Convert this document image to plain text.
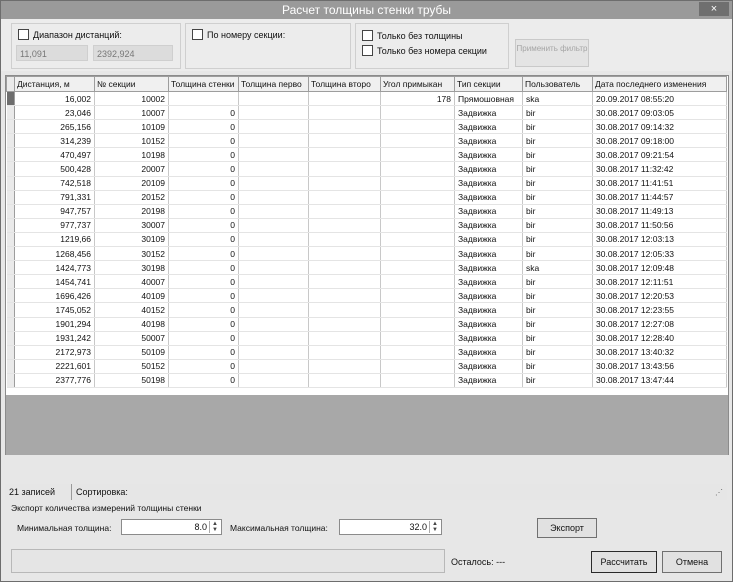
Расчет толщины стенки трубы	×
Диапазон дистанций:
11,091	2392,924
По номеру секции:	Только без толщины
Только без номера секции	Применить фильтр
	Дистанция, м	№ секции	Толщина стенки	Толщина перво	Толщина второ	Угол примыкан	Тип секции	Пользователь	Дата последнего изменения
	16,002	10002				178	Прямошовная	ska	20.09.2017 08:55:20
	23,046	10007	0				Задвижка	bir	30.08.2017 09:03:05
	265,156	10109	0				Задвижка	bir	30.08.2017 09:14:32
	314,239	10152	0				Задвижка	bir	30.08.2017 09:18:00
	470,497	10198	0				Задвижка	bir	30.08.2017 09:21:54
	500,428	20007	0				Задвижка	bir	30.08.2017 11:32:42
	742,518	20109	0				Задвижка	bir	30.08.2017 11:41:51
	791,331	20152	0				Задвижка	bir	30.08.2017 11:44:57
	947,757	20198	0				Задвижка	bir	30.08.2017 11:49:13
	977,737	30007	0				Задвижка	bir	30.08.2017 11:50:56
	1219,66	30109	0				Задвижка	bir	30.08.2017 12:03:13
	1268,456	30152	0				Задвижка	bir	30.08.2017 12:05:33
	1424,773	30198	0				Задвижка	ska	30.08.2017 12:09:48
	1454,741	40007	0				Задвижка	bir	30.08.2017 12:11:51
	1696,426	40109	0				Задвижка	bir	30.08.2017 12:20:53
	1745,052	40152	0				Задвижка	bir	30.08.2017 12:23:55
	1901,294	40198	0				Задвижка	bir	30.08.2017 12:27:08
	1931,242	50007	0				Задвижка	bir	30.08.2017 12:28:40
	2172,973	50109	0				Задвижка	bir	30.08.2017 13:40:32
	2221,601	50152	0				Задвижка	bir	30.08.2017 13:43:56
	2377,776	50198	0				Задвижка	bir	30.08.2017 13:47:44
21 записей Сортировка:	⋰
Экспорт количества измерений толщины стенки
Минимальная толщина:	8.0 ▲
▼ Максимальная толщина:	32.0 ▲
▼	Экспорт
Осталось: ---	Рассчитать	Отмена
